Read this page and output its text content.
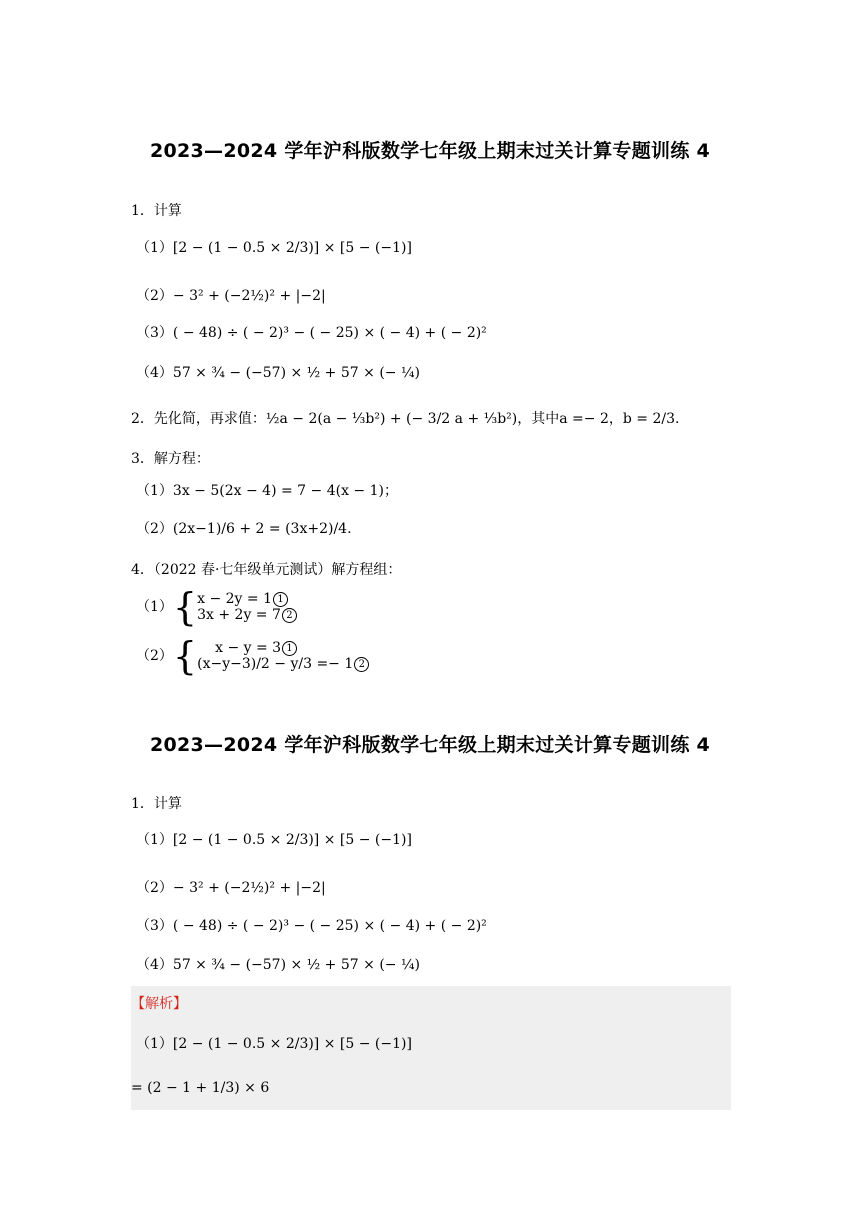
2023—2024 学年沪科版数学七年级上期末过关计算专题训练 4
1．计算
（1）[2 − (1 − 0.5 × 2/3)] × [5 − (−1)]
（2）− 3² + (−2½)² + |−2|
（3）( − 48) ÷ ( − 2)³ − ( − 25) × ( − 4) + ( − 2)²
（4）57 × ¾ − (−57) × ½ + 57 × (− ¼)
2．先化简，再求值：½a − 2(a − ⅓b²) + (− 3/2 a + ⅓b²)，其中a =− 2，b = 2/3.
3．解方程：
（1）3x − 5(2x − 4) = 7 − 4(x − 1)；
（2）(2x−1)/6 + 2 = (3x+2)/4.
4．（2022 春·七年级单元测试）解方程组：
（1）{ x − 2y = 1 1
3x + 2y = 7 2
（2）{	x − y = 3 1
(x−y−3)/2 − y/3 =− 1 2
2023—2024 学年沪科版数学七年级上期末过关计算专题训练 4
1．计算
（1）[2 − (1 − 0.5 × 2/3)] × [5 − (−1)]
（2）− 3² + (−2½)² + |−2|
（3）( − 48) ÷ ( − 2)³ − ( − 25) × ( − 4) + ( − 2)²
（4）57 × ¾ − (−57) × ½ + 57 × (− ¼)
【解析】
（1）[2 − (1 − 0.5 × 2/3)] × [5 − (−1)]
= (2 − 1 + 1/3) × 6
